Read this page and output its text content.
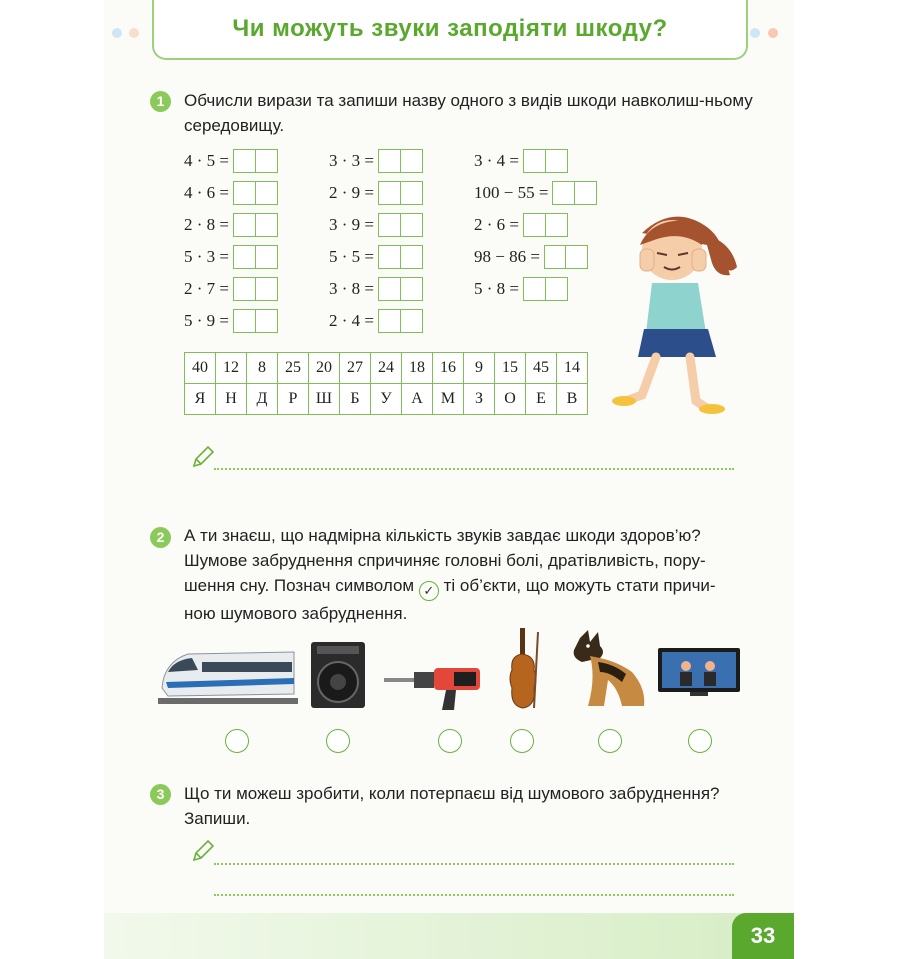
Чи можуть звуки заподіяти шкоду?
1	Обчисли вирази та запиши назву одного з видів шкоди навколиш-ньому середовищу.
4 · 5 =
4 · 6 =
2 · 8 =
5 · 3 =
2 · 7 =
5 · 9 =
3 · 3 =
2 · 9 =
3 · 9 =
5 · 5 =
3 · 8 =
2 · 4 =
3 · 4 =
100 − 55 =
2 · 6 =
98 − 86 =
5 · 8 =
40	12	8	25	20	27	24	18	16	9	15	45	14
Я	Н	Д	Р	Ш	Б	У	А	М	З	О	Е	В
2	А ти знаєш, що надмірна кількість звуків завдає шкоди здоров’ю?
Шумове забруднення спричиняє головні болі, дратівливість, пору-
шення сну. Познач символом ✓ ті об’єкти, що можуть стати причи-
ною шумового забруднення.
3	Що ти можеш зробити, коли потерпаєш від шумового забруднення?
Запиши.
33
